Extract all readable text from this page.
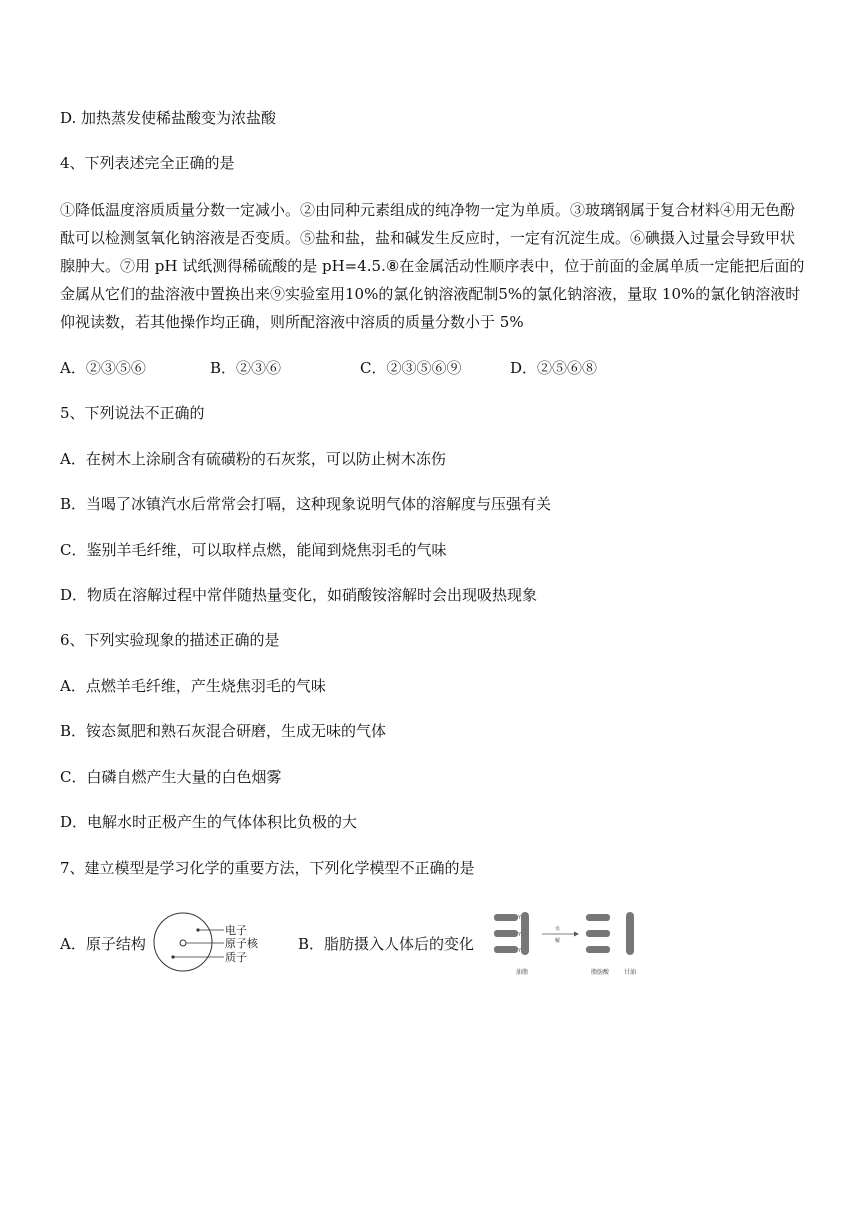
D. 加热蒸发使稀盐酸变为浓盐酸
4、下列表述完全正确的是
①降低温度溶质质量分数一定减小。②由同种元素组成的纯净物一定为单质。③玻璃钢属于复合材料④用无色酚酞可以检测氢氧化钠溶液是否变质。⑤盐和盐，盐和碱发生反应时，一定有沉淀生成。⑥碘摄入过量会导致甲状腺肿大。⑦用 pH 试纸测得稀硫酸的是 pH=4.5.⑧在金属活动性顺序表中，位于前面的金属单质一定能把后面的金属从它们的盐溶液中置换出来⑨实验室用10%的氯化钠溶液配制5%的氯化钠溶液，量取 10%的氯化钠溶液时仰视读数，若其他操作均正确，则所配溶液中溶质的质量分数小于 5%
A．②③⑤⑥	B．②③⑥	C．②③⑤⑥⑨	D．②⑤⑥⑧
5、下列说法不正确的
A．在树木上涂刷含有硫磺粉的石灰浆，可以防止树木冻伤
B．当喝了冰镇汽水后常常会打嗝，这种现象说明气体的溶解度与压强有关
C．鉴别羊毛纤维，可以取样点燃，能闻到烧焦羽毛的气味
D．物质在溶解过程中常伴随热量变化，如硝酸铵溶解时会出现吸热现象
6、下列实验现象的描述正确的是
A．点燃羊毛纤维，产生烧焦羽毛的气味
B．铵态氮肥和熟石灰混合研磨，生成无味的气体
C．白磷自燃产生大量的白色烟雾
D．电解水时正极产生的气体体积比负极的大
7、建立模型是学习化学的重要方法，下列化学模型不正确的是
A．原子结构
电子
原子核
质子
B．脂肪摄入人体后的变化
Y
Y
Y
水
解
油脂	脂肪酸 甘油
